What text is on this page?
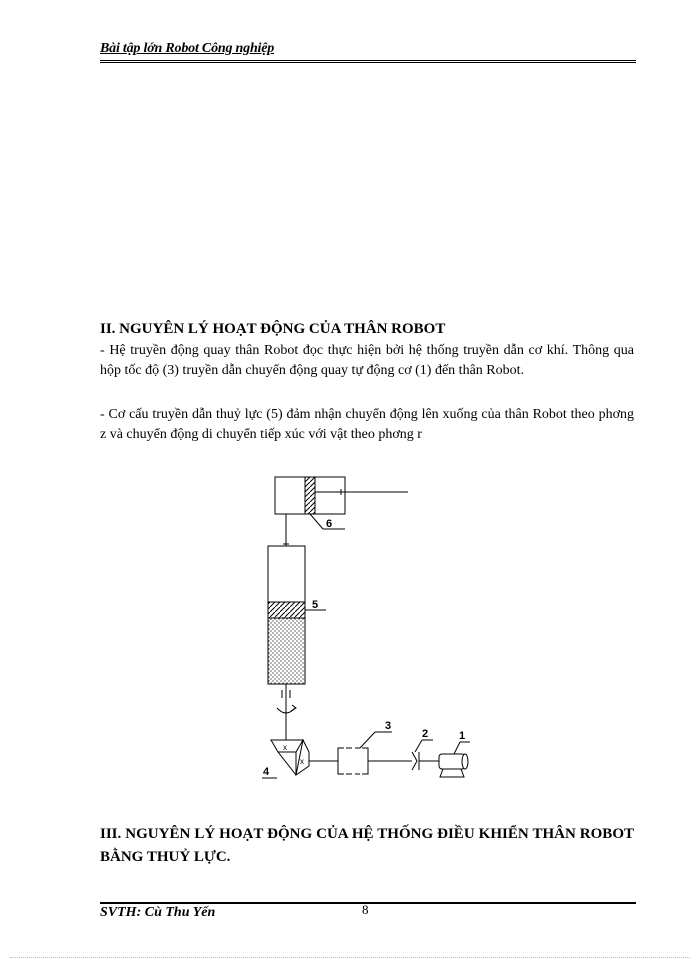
Bài tập lớn Robot Công nghiệp
II. NGUYÊN LÝ HOẠT ĐỘNG CỦA THÂN ROBOT
- Hệ truyền động quay thân Robot đọc thực hiện bởi hệ thống truyền dẫn cơ khí. Thông qua hộp tốc độ (3) truyền dẫn chuyển động quay tự động cơ (1) đến thân Robot.
- Cơ cấu truyền dẫn thuỷ lực (5) đảm nhận chuyển động lên xuống của thân Robot theo phơng z và chuyển động di chuyển tiếp xúc với vật theo phơng r
6
5
x
x
4
3
2	1
III. NGUYÊN LÝ HOẠT ĐỘNG CỦA HỆ THỐNG ĐIỀU KHIỂN THÂN ROBOT BẰNG THUỶ LỰC.
SVTH: Cù Thu Yến	8
